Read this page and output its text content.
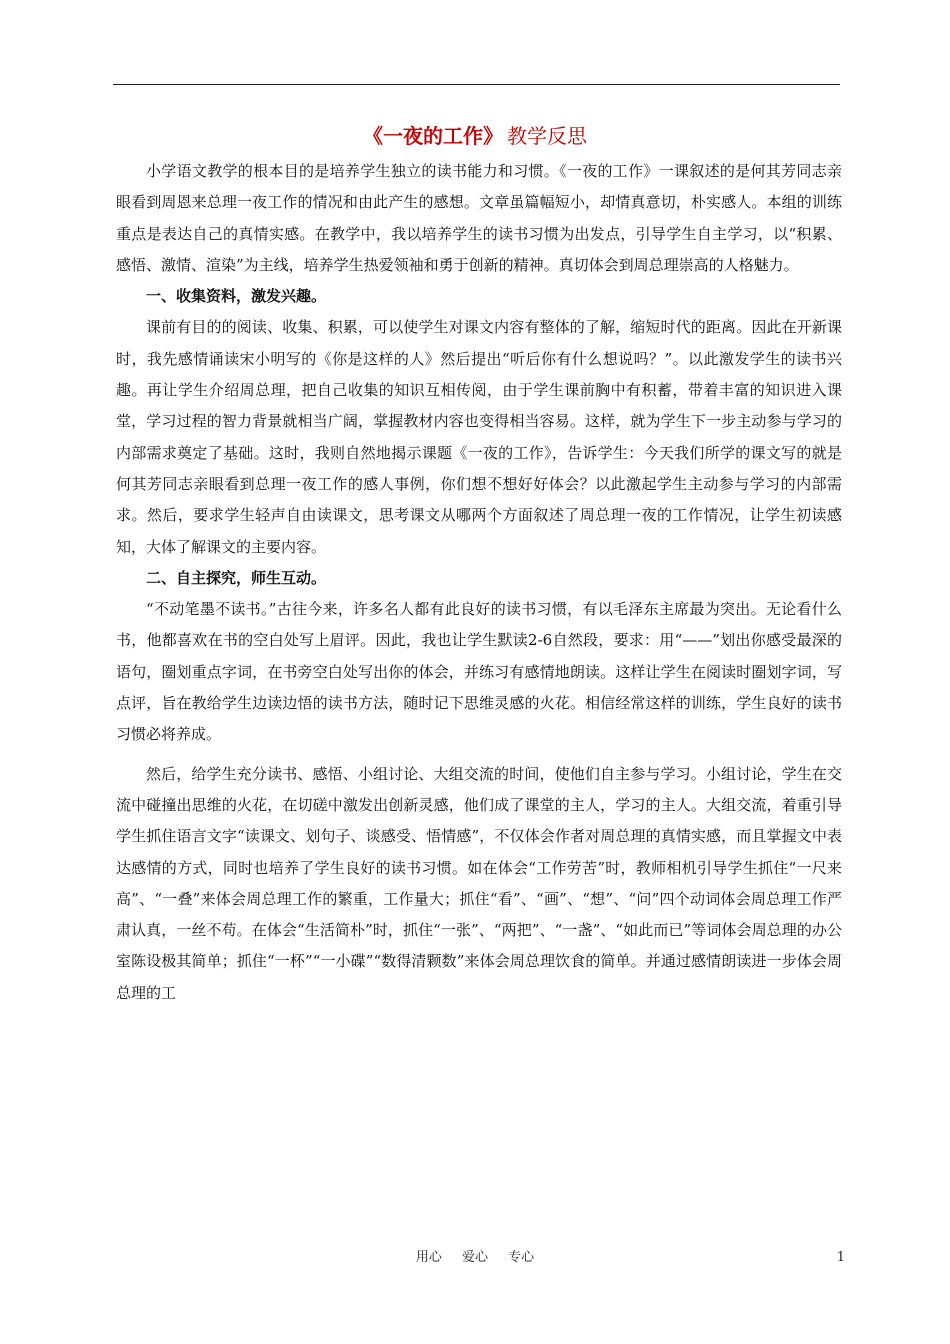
《一夜的工作》 教学反思

小学语文教学的根本目的是培养学生独立的读书能力和习惯。《一夜的工作》一课叙述的是何其芳同志亲眼看到周恩来总理一夜工作的情况和由此产生的感想。文章虽篇幅短小，却情真意切，朴实感人。本组的训练重点是表达自己的真情实感。在教学中，我以培养学生的读书习惯为出发点，引导学生自主学习，以“积累、感悟、激情、渲染”为主线，培养学生热爱领袖和勇于创新的精神。真切体会到周总理崇高的人格魅力。

一、收集资料，激发兴趣。

课前有目的的阅读、收集、积累，可以使学生对课文内容有整体的了解，缩短时代的距离。因此在开新课时，我先感情诵读宋小明写的《你是这样的人》然后提出“听后你有什么想说吗？”。以此激发学生的读书兴趣。再让学生介绍周总理，把自己收集的知识互相传阅，由于学生课前胸中有积蓄，带着丰富的知识进入课堂，学习过程的智力背景就相当广阔，掌握教材内容也变得相当容易。这样，就为学生下一步主动参与学习的内部需求奠定了基础。这时，我则自然地揭示课题《一夜的工作》，告诉学生：今天我们所学的课文写的就是何其芳同志亲眼看到总理一夜工作的感人事例，你们想不想好好体会？以此激起学生主动参与学习的内部需求。然后，要求学生轻声自由读课文，思考课文从哪两个方面叙述了周总理一夜的工作情况，让学生初读感知，大体了解课文的主要内容。

二、自主探究，师生互动。

“不动笔墨不读书。”古往今来，许多名人都有此良好的读书习惯，有以毛泽东主席最为突出。无论看什么书，他都喜欢在书的空白处写上眉评。因此，我也让学生默读2-6自然段，要求：用“——”划出你感受最深的语句，圈划重点字词，在书旁空白处写出你的体会，并练习有感情地朗读。这样让学生在阅读时圈划字词，写点评，旨在教给学生边读边悟的读书方法，随时记下思维灵感的火花。相信经常这样的训练，学生良好的读书习惯必将养成。

然后，给学生充分读书、感悟、小组讨论、大组交流的时间，使他们自主参与学习。小组讨论，学生在交流中碰撞出思维的火花，在切磋中激发出创新灵感，他们成了课堂的主人，学习的主人。大组交流，着重引导学生抓住语言文字“读课文、划句子、谈感受、悟情感”，不仅体会作者对周总理的真情实感，而且掌握文中表达感情的方式，同时也培养了学生良好的读书习惯。如在体会“工作劳苦”时，教师相机引导学生抓住“一尺来高”、“一叠”来体会周总理工作的繁重，工作量大；抓住“看”、“画”、“想”、“问”四个动词体会周总理工作严肃认真，一丝不苟。在体会“生活简朴”时，抓住“一张”、“两把”、“一盏”、“如此而已”等词体会周总理的办公室陈设极其简单；抓住“一杯”“一小碟”“数得清颗数”来体会周总理饮食的简单。并通过感情朗读进一步体会周总理的工

用心 爱心 专心	1
